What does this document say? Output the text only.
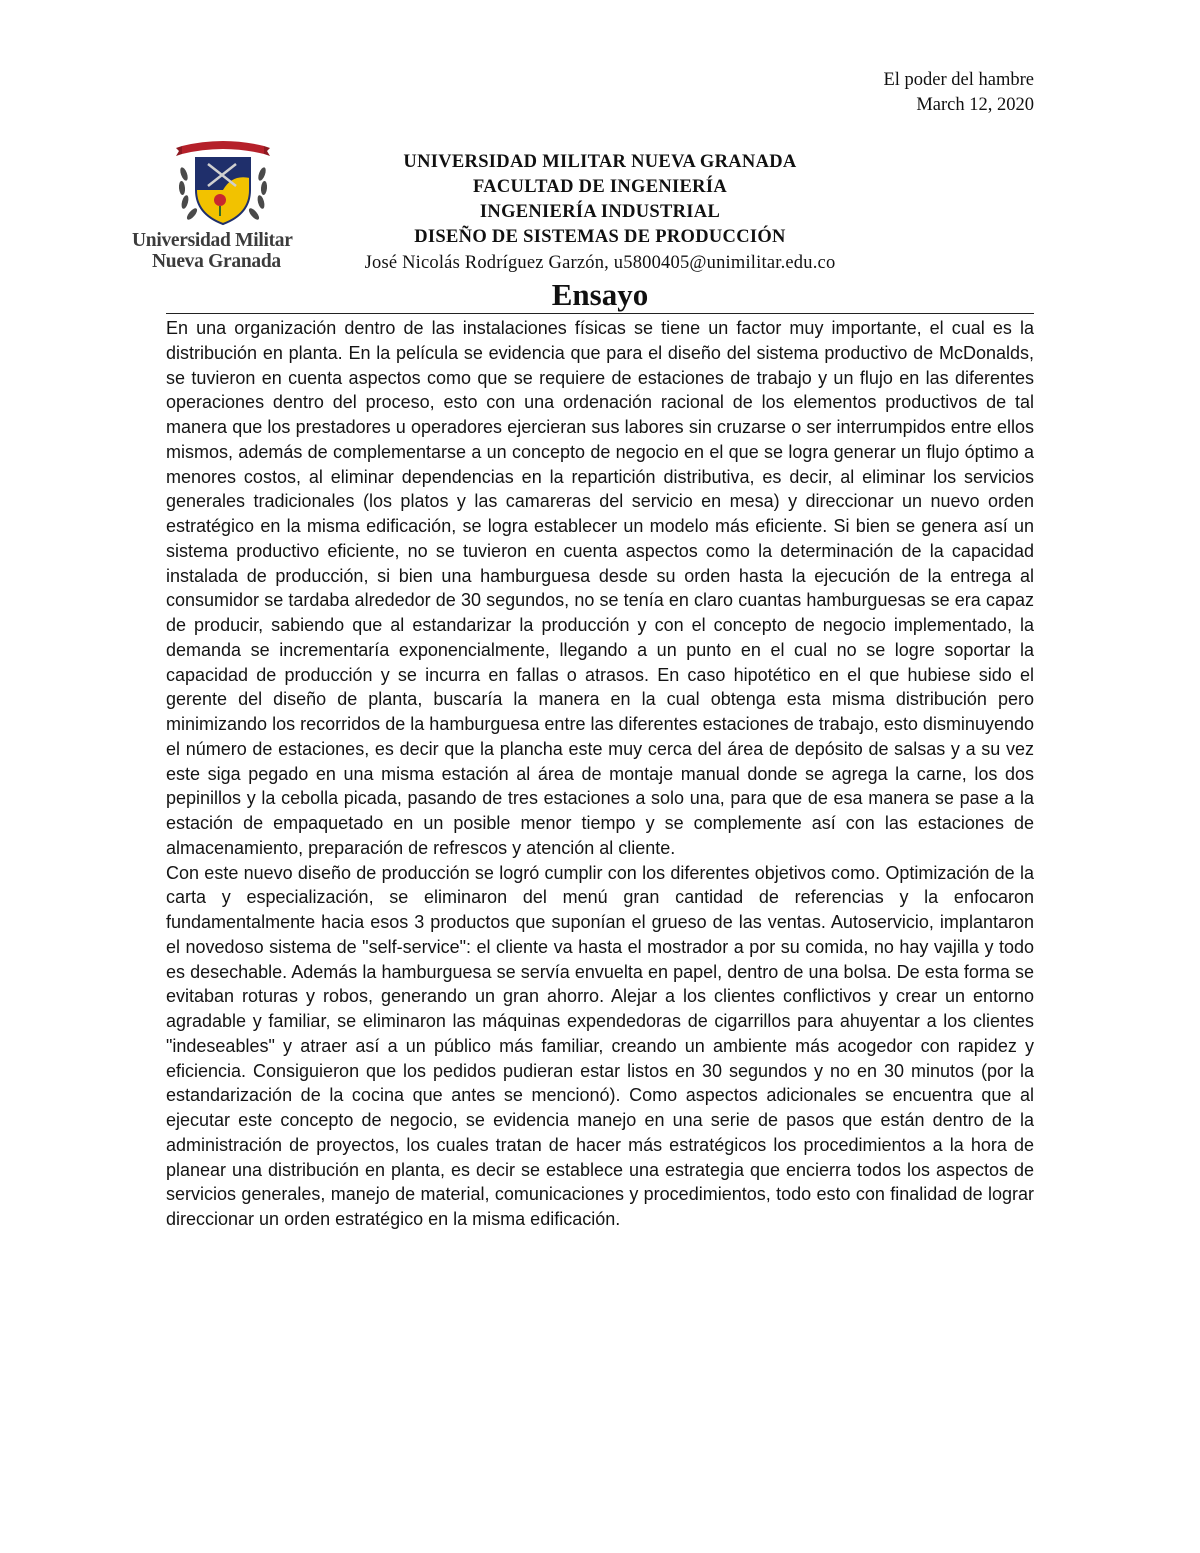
El poder del hambre
March 12, 2020
Universidad Militar
Nueva Granada
UNIVERSIDAD MILITAR NUEVA GRANADA
FACULTAD DE INGENIERÍA
INGENIERÍA INDUSTRIAL
DISEÑO DE SISTEMAS DE PRODUCCIÓN
José Nicolás Rodríguez Garzón, u5800405@unimilitar.edu.co
Ensayo

En una organización dentro de las instalaciones físicas se tiene un factor muy importante, el cual es la distribución en planta. En la película se evidencia que para el diseño del sistema productivo de McDonalds, se tuvieron en cuenta aspectos como que se requiere de estaciones de trabajo y un flujo en las diferentes operaciones dentro del proceso, esto con una ordenación racional de los elementos productivos de tal manera que los prestadores u operadores ejercieran sus labores sin cruzarse o ser interrumpidos entre ellos mismos, además de complementarse a un concepto de negocio en el que se logra generar un flujo óptimo a menores costos, al eliminar dependencias en la repartición distributiva, es decir, al eliminar los servicios generales tradicionales (los platos y las camareras del servicio en mesa) y direccionar un nuevo orden estratégico en la misma edificación, se logra establecer un modelo más eficiente. Si bien se genera así un sistema productivo eficiente, no se tuvieron en cuenta aspectos como la determinación de la capacidad instalada de producción, si bien una hamburguesa desde su orden hasta la ejecución de la entrega al consumidor se tardaba alrededor de 30 segundos, no se tenía en claro cuantas hamburguesas se era capaz de producir, sabiendo que al estandarizar la producción y con el concepto de negocio implementado, la demanda se incrementaría exponencialmente, llegando a un punto en el cual no se logre soportar la capacidad de producción y se incurra en fallas o atrasos. En caso hipotético en el que hubiese sido el gerente del diseño de planta, buscaría la manera en la cual obtenga esta misma distribución pero minimizando los recorridos de la hamburguesa entre las diferentes estaciones de trabajo, esto disminuyendo el número de estaciones, es decir que la plancha este muy cerca del área de depósito de salsas y a su vez este siga pegado en una misma estación al área de montaje manual donde se agrega la carne, los dos pepinillos y la cebolla picada, pasando de tres estaciones a solo una, para que de esa manera se pase a la estación de empaquetado en un posible menor tiempo y se complemente así con las estaciones de almacenamiento, preparación de refrescos y atención al cliente.

Con este nuevo diseño de producción se logró cumplir con los diferentes objetivos como. Optimización de la carta y especialización, se eliminaron del menú gran cantidad de referencias y la enfocaron fundamentalmente hacia esos 3 productos que suponían el grueso de las ventas. Autoservicio, implantaron el novedoso sistema de "self-service": el cliente va hasta el mostrador a por su comida, no hay vajilla y todo es desechable. Además la hamburguesa se servía envuelta en papel, dentro de una bolsa. De esta forma se evitaban roturas y robos, generando un gran ahorro. Alejar a los clientes conflictivos y crear un entorno agradable y familiar, se eliminaron las máquinas expendedoras de cigarrillos para ahuyentar a los clientes "indeseables" y atraer así a un público más familiar, creando un ambiente más acogedor con rapidez y eficiencia. Consiguieron que los pedidos pudieran estar listos en 30 segundos y no en 30 minutos (por la estandarización de la cocina que antes se mencionó). Como aspectos adicionales se encuentra que al ejecutar este concepto de negocio, se evidencia manejo en una serie de pasos que están dentro de la administración de proyectos, los cuales tratan de hacer más estratégicos los procedimientos a la hora de planear una distribución en planta, es decir se establece una estrategia que encierra todos los aspectos de servicios generales, manejo de material, comunicaciones y procedimientos, todo esto con finalidad de lograr direccionar un orden estratégico en la misma edificación.
